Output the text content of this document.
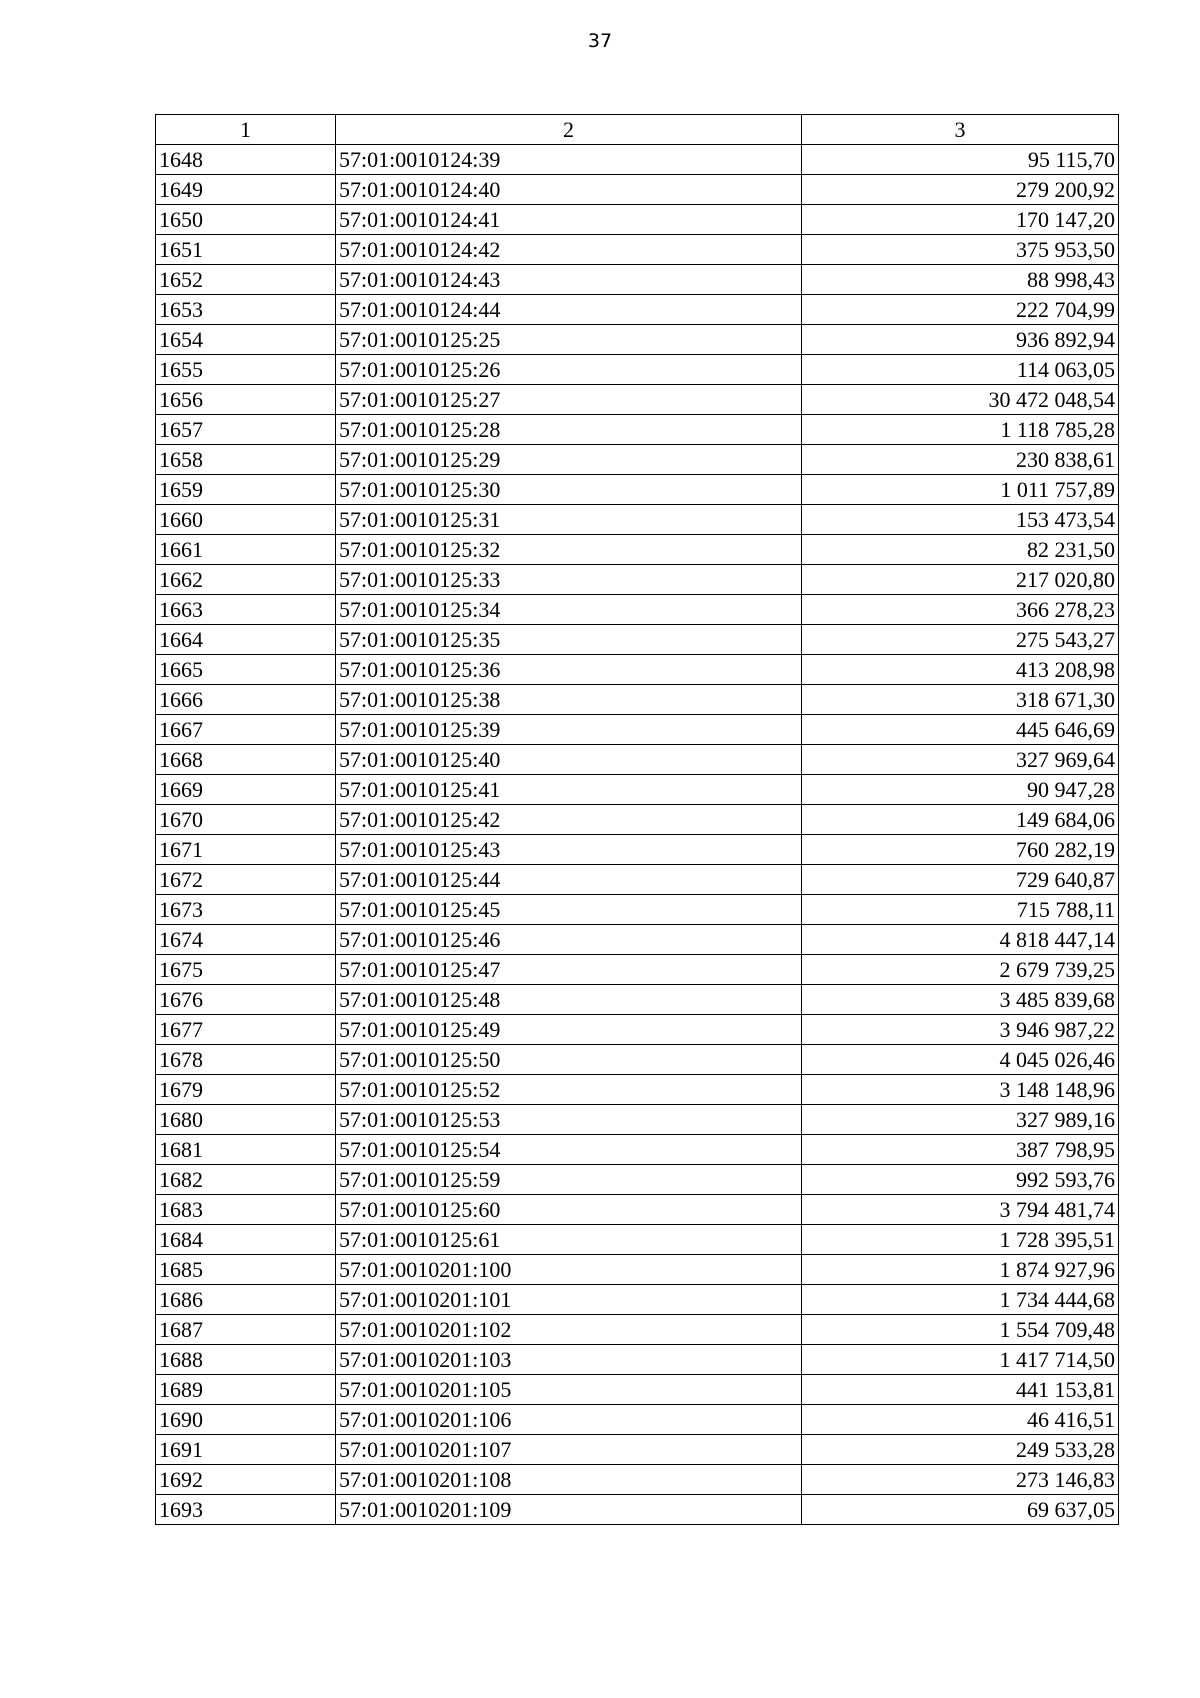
37
1	2	3
1648	57:01:0010124:39	95 115,70
1649	57:01:0010124:40	279 200,92
1650	57:01:0010124:41	170 147,20
1651	57:01:0010124:42	375 953,50
1652	57:01:0010124:43	88 998,43
1653	57:01:0010124:44	222 704,99
1654	57:01:0010125:25	936 892,94
1655	57:01:0010125:26	114 063,05
1656	57:01:0010125:27	30 472 048,54
1657	57:01:0010125:28	1 118 785,28
1658	57:01:0010125:29	230 838,61
1659	57:01:0010125:30	1 011 757,89
1660	57:01:0010125:31	153 473,54
1661	57:01:0010125:32	82 231,50
1662	57:01:0010125:33	217 020,80
1663	57:01:0010125:34	366 278,23
1664	57:01:0010125:35	275 543,27
1665	57:01:0010125:36	413 208,98
1666	57:01:0010125:38	318 671,30
1667	57:01:0010125:39	445 646,69
1668	57:01:0010125:40	327 969,64
1669	57:01:0010125:41	90 947,28
1670	57:01:0010125:42	149 684,06
1671	57:01:0010125:43	760 282,19
1672	57:01:0010125:44	729 640,87
1673	57:01:0010125:45	715 788,11
1674	57:01:0010125:46	4 818 447,14
1675	57:01:0010125:47	2 679 739,25
1676	57:01:0010125:48	3 485 839,68
1677	57:01:0010125:49	3 946 987,22
1678	57:01:0010125:50	4 045 026,46
1679	57:01:0010125:52	3 148 148,96
1680	57:01:0010125:53	327 989,16
1681	57:01:0010125:54	387 798,95
1682	57:01:0010125:59	992 593,76
1683	57:01:0010125:60	3 794 481,74
1684	57:01:0010125:61	1 728 395,51
1685	57:01:0010201:100	1 874 927,96
1686	57:01:0010201:101	1 734 444,68
1687	57:01:0010201:102	1 554 709,48
1688	57:01:0010201:103	1 417 714,50
1689	57:01:0010201:105	441 153,81
1690	57:01:0010201:106	46 416,51
1691	57:01:0010201:107	249 533,28
1692	57:01:0010201:108	273 146,83
1693	57:01:0010201:109	69 637,05
